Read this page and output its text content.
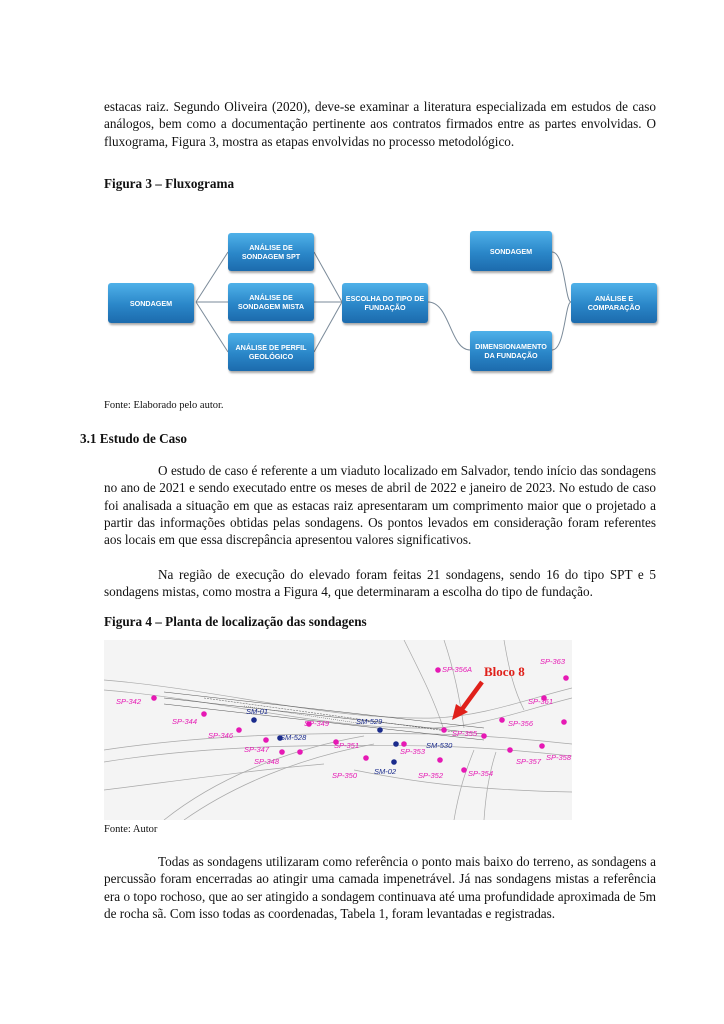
estacas raiz. Segundo Oliveira (2020), deve-se examinar a literatura especializada em estudos de caso análogos, bem como a documentação pertinente aos contratos firmados entre as partes envolvidas. O fluxograma, Figura 3, mostra as etapas envolvidas no processo metodológico.

Figura 3 – Fluxograma

SONDAGEM
ANÁLISE DE
SONDAGEM SPT
ANÁLISE DE
SONDAGEM MISTA
ANÁLISE DE PERFIL
GEOLÓGICO
ESCOLHA DO TIPO DE
FUNDAÇÃO
SONDAGEM
DIMENSIONAMENTO
DA FUNDAÇÃO
ANÁLISE E
COMPARAÇÃO

Fonte: Elaborado pelo autor.

3.1 Estudo de Caso

O estudo de caso é referente a um viaduto localizado em Salvador, tendo início das sondagens no ano de 2021 e sendo executado entre os meses de abril de 2022 e janeiro de 2023. No estudo de caso foi analisada a situação em que as estacas raiz apresentaram um comprimento maior que o projetado a partir das informações obtidas pelas sondagens. Os pontos levados em consideração foram referentes aos locais em que essa discrepância apresentou valores significativos.

Na região de execução do elevado foram feitas 21 sondagens, sendo 16 do tipo SPT e 5 sondagens mistas, como mostra a Figura 4, que determinaram a escolha do tipo de fundação.

Figura 4 – Planta de localização das sondagens

SP-342
SP-344
SP-346
SP-347
SP-348
SP-349
SP-350
SP-351
SP-352
SP-353
SP-354
SP-355
SP-356
SP-356A
SP-357 SP-358
SP-361
SP-363
SM-01
SM-528
SM-529
SM-530
SM-02
Bloco 8

Fonte: Autor

Todas as sondagens utilizaram como referência o ponto mais baixo do terreno, as sondagens a percussão foram encerradas ao atingir uma camada impenetrável. Já nas sondagens mistas a referência era o topo rochoso, que ao ser atingido a sondagem continuava até uma profundidade aproximada de 5m de rocha sã. Com isso todas as coordenadas, Tabela 1, foram levantadas e registradas.
